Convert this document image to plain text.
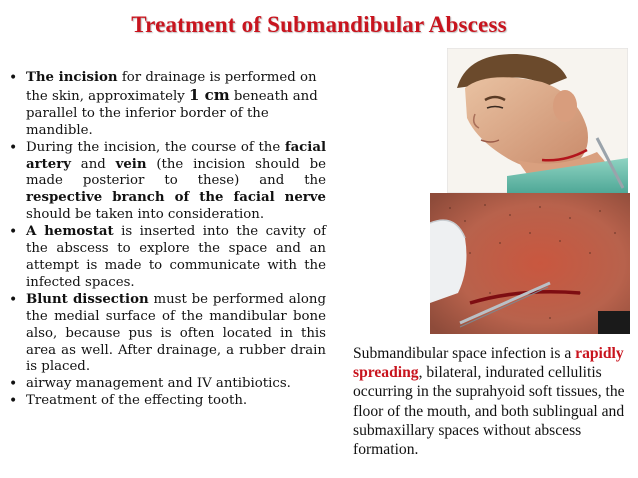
Treatment of Submandibular Abscess
• The incision for drainage is performed on the skin, approximately 1 cm beneath and parallel to the inferior border of the mandible.
• During the incision, the course of the facial artery and vein (the incision should be made posterior to these) and the respective branch of the facial nerve should be taken into consideration.
• A hemostat is inserted into the cavity of the abscess to explore the space and an attempt is made to communicate with the infected spaces.
• Blunt dissection must be performed along the medial surface of the mandibular bone also, because pus is often located in this area as well. After drainage, a rubber drain is placed.
• airway management and IV antibiotics.
• Treatment of the effecting tooth.
Submandibular space infection is a rapidly spreading, bilateral, indurated cellulitis occurring in the suprahyoid soft tissues, the floor of the mouth, and both sublingual and submaxillary spaces without abscess formation.
